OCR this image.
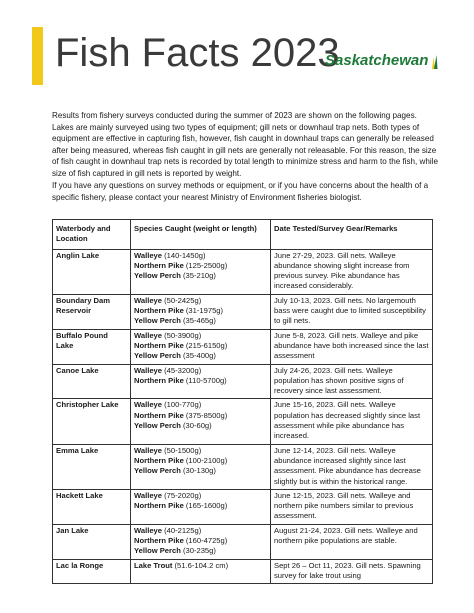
Fish Facts 2023
Saskatchewan

Results from fishery surveys conducted during the summer of 2023 are shown on the following pages. Lakes are mainly surveyed using two types of equipment; gill nets or downhaul trap nets. Both types of equipment are effective in capturing fish, however, fish caught in downhaul traps can generally be released after being measured, whereas fish caught in gill nets are generally not releasable. For this reason, the size of fish caught in downhaul trap nets is recorded by total length to minimize stress and harm to the fish, while size of fish captured in gill nets is reported by weight.

If you have any questions on survey methods or equipment, or if you have concerns about the health of a specific fishery, please contact your nearest Ministry of Environment fisheries biologist.

Waterbody and Location	Species Caught (weight or length)	Date Tested/Survey Gear/Remarks
Anglin Lake	Walleye (140-1450g)
Northern Pike (125-2500g)
Yellow Perch (35-210g)	June 27-29, 2023. Gill nets. Walleye abundance showing slight increase from previous survey. Pike abundance has increased considerably.
Boundary Dam Reservoir	Walleye (50-2425g)
Northern Pike (31-1975g)
Yellow Perch (35-465g)	July 10-13, 2023. Gill nets. No largemouth bass were caught due to limited susceptibility to gill nets.
Buffalo Pound Lake	Walleye (50-3900g)
Northern Pike (215-6150g)
Yellow Perch (35-400g)	June 5-8, 2023. Gill nets. Walleye and pike abundance have both increased since the last assessment
Canoe Lake	Walleye (45-3200g)
Northern Pike (110-5700g)	July 24-26, 2023. Gill nets. Walleye population has shown positive signs of recovery since last assessment.
Christopher Lake	Walleye (100-770g)
Northern Pike (375-8500g)
Yellow Perch (30-60g)	June 15-16, 2023. Gill nets. Walleye population has decreased slightly since last assessment while pike abundance has increased.
Emma Lake	Walleye (50-1500g)
Northern Pike (100-2100g)
Yellow Perch (30-130g)	June 12-14, 2023. Gill nets. Walleye abundance increased slightly since last assessment. Pike abundance has decrease slightly but is within the historical range.
Hackett Lake	Walleye (75-2020g)
Northern Pike (165-1600g)	June 12-15, 2023. Gill nets. Walleye and northern pike numbers similar to previous assessment.
Jan Lake	Walleye (40-2125g)
Northern Pike (160-4725g)
Yellow Perch (30-235g)	August 21-24, 2023. Gill nets. Walleye and northern pike populations are stable.
Lac la Ronge	Lake Trout (51.6-104.2 cm)	Sept 26 – Oct 11, 2023. Gill nets. Spawning survey for lake trout using
